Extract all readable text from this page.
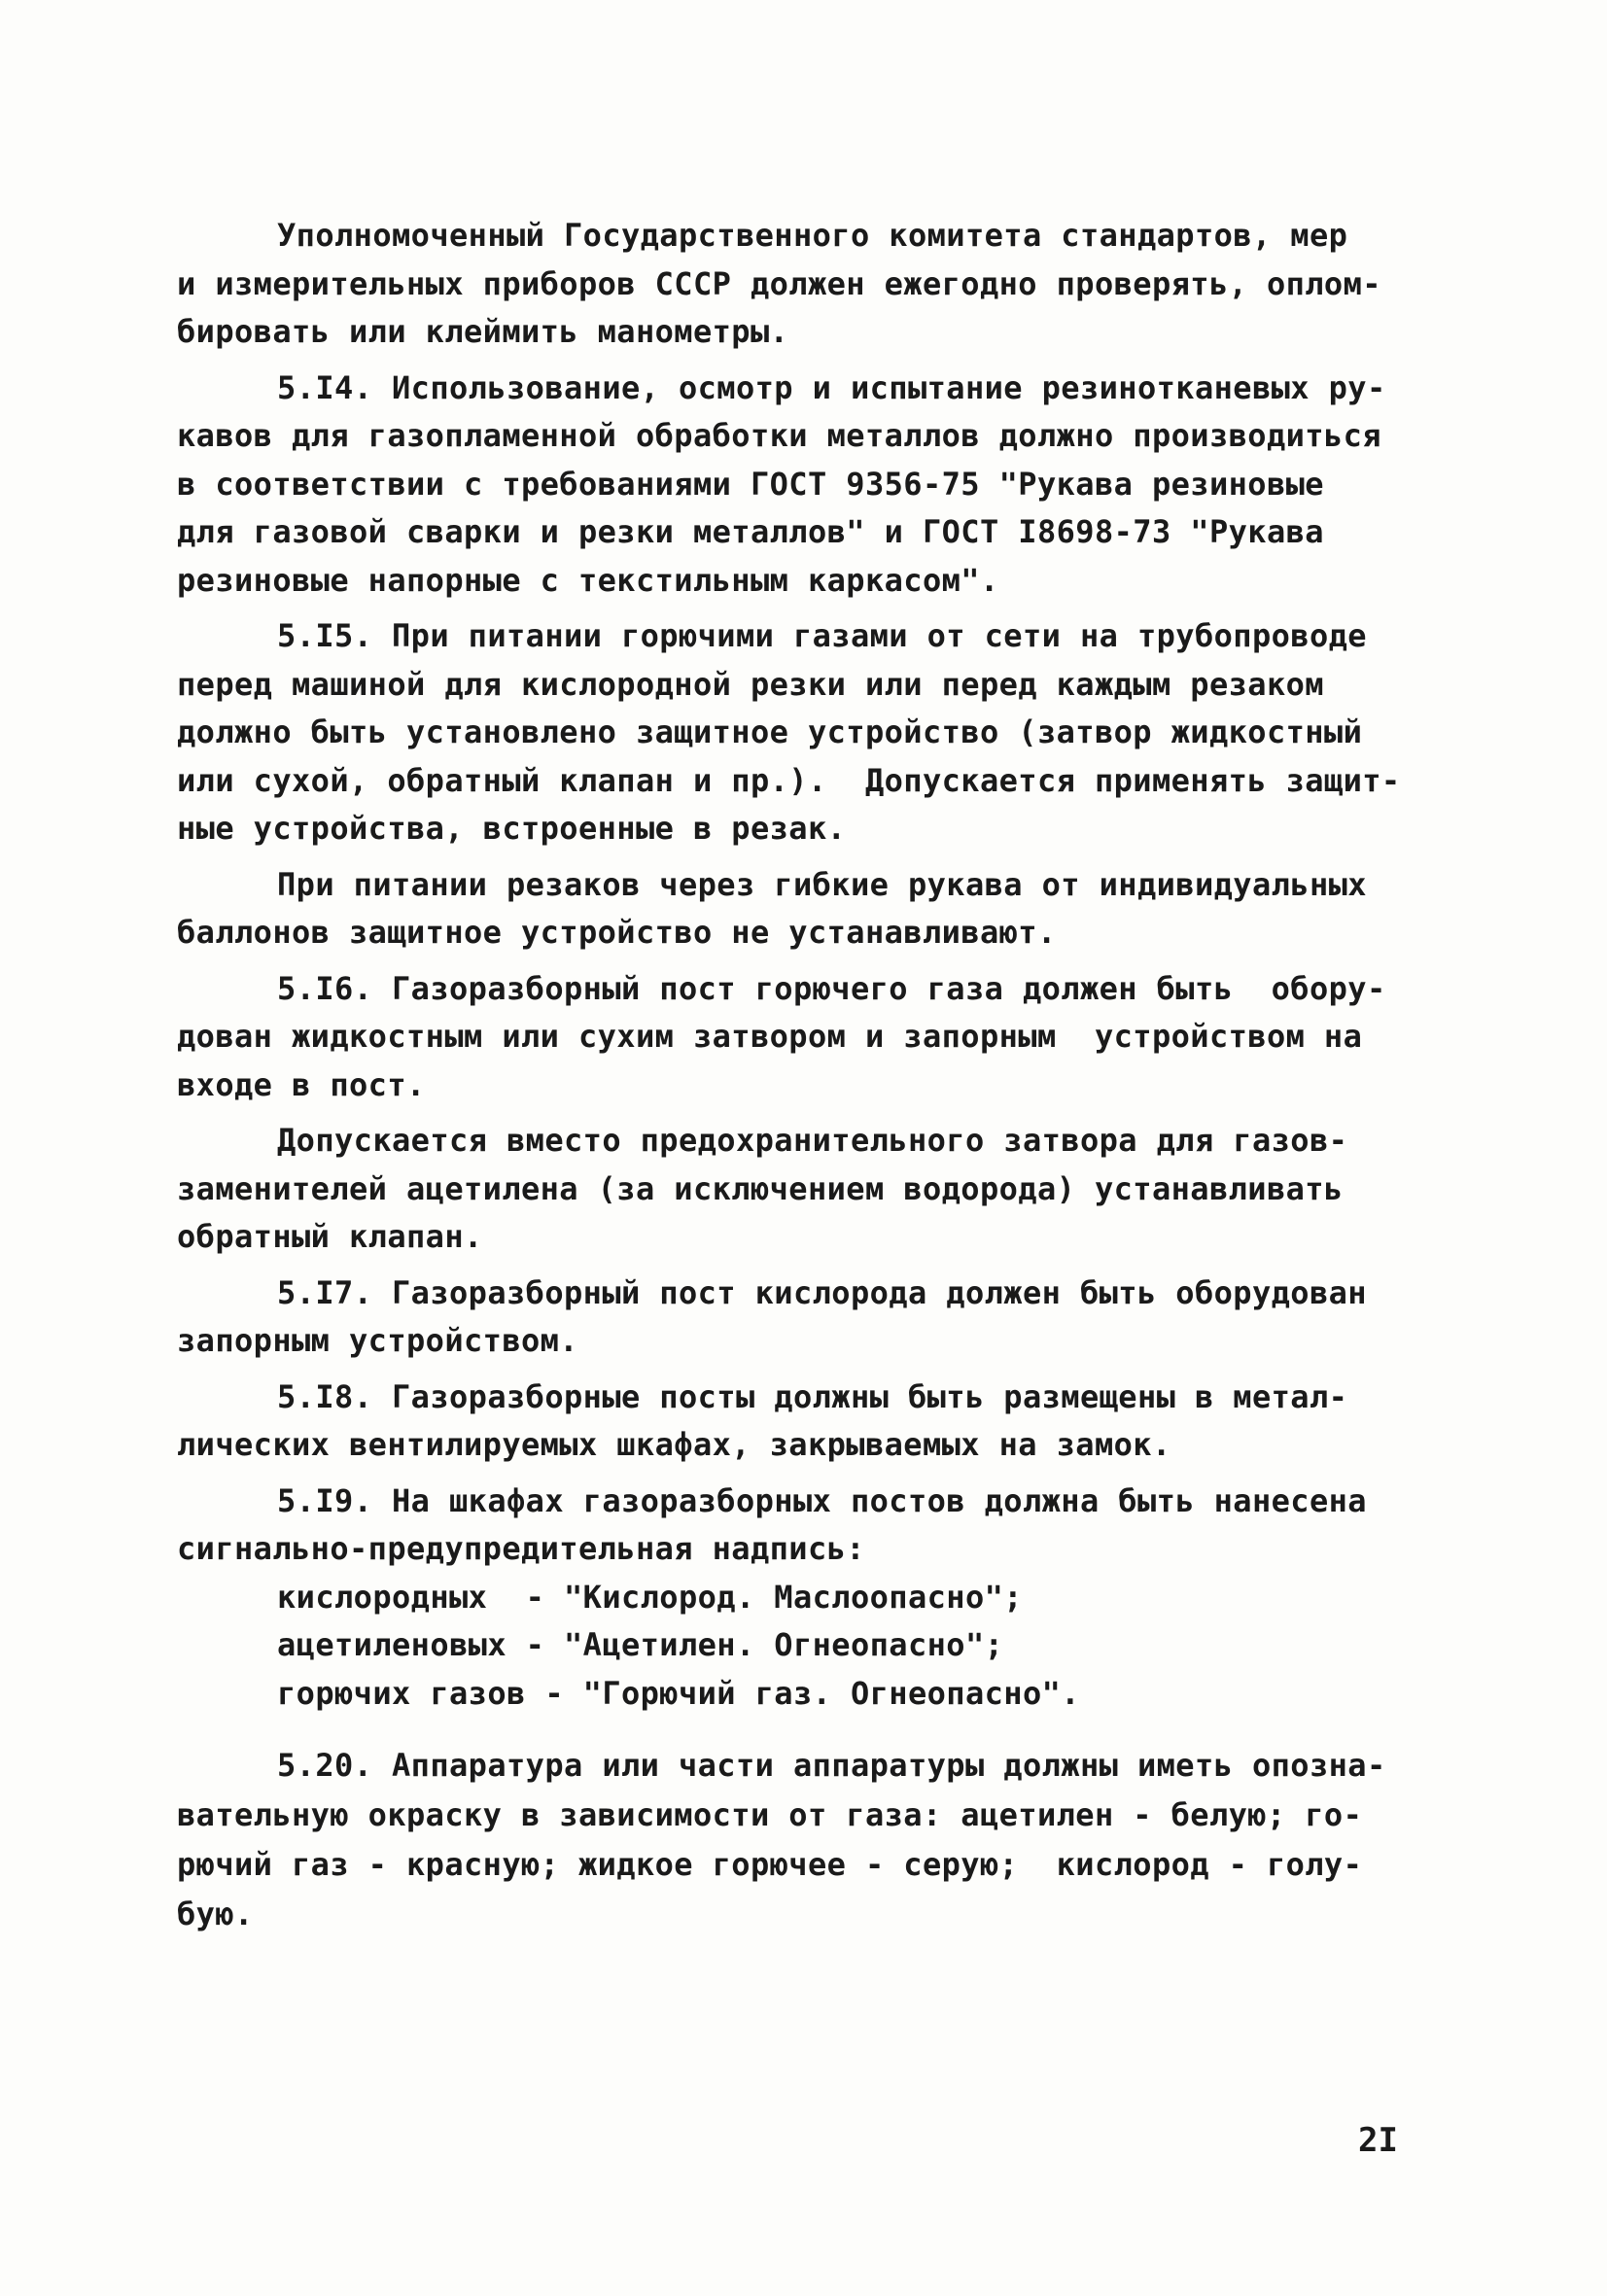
Уполномоченный Государственного комитета стандартов, мер
и измерительных приборов СССР должен ежегодно проверять, оплом-
бировать или клеймить манометры.

5.I4. Использование, осмотр и испытание резинотканевых ру-
кавов для газопламенной обработки металлов должно производиться
в соответствии с требованиями ГОСТ 9356-75 "Рукава резиновые
для газовой сварки и резки металлов" и ГОСТ I8698-73 "Рукава
резиновые напорные с текстильным каркасом".

5.I5. При питании горючими газами от сети на трубопроводе
перед машиной для кислородной резки или перед каждым резаком
должно быть установлено защитное устройство (затвор жидкостный
или сухой, обратный клапан и пр.).  Допускается применять защит-
ные устройства, встроенные в резак.

При питании резаков через гибкие рукава от индивидуальных
баллонов защитное устройство не устанавливают.

5.I6. Газоразборный пост горючего газа должен быть  обору-
дован жидкостным или сухим затвором и запорным  устройством на
входе в пост.

Допускается вместо предохранительного затвора для газов-
заменителей ацетилена (за исключением водорода) устанавливать
обратный клапан.

5.I7. Газоразборный пост кислорода должен быть оборудован
запорным устройством.

5.I8. Газоразборные посты должны быть размещены в метал-
лических вентилируемых шкафах, закрываемых на замок.

5.I9. На шкафах газоразборных постов должна быть нанесена
сигнально-предупредительная надпись:
кислородных  - "Кислород. Маслоопасно";
ацетиленовых - "Ацетилен. Огнеопасно";
горючих газов - "Горючий газ. Огнеопасно".

5.20. Аппаратура или части аппаратуры должны иметь опозна-
вательную окраску в зависимости от газа: ацетилен - белую; го-
рючий газ - красную; жидкое горючее - серую;  кислород - голу-
бую.

2I
